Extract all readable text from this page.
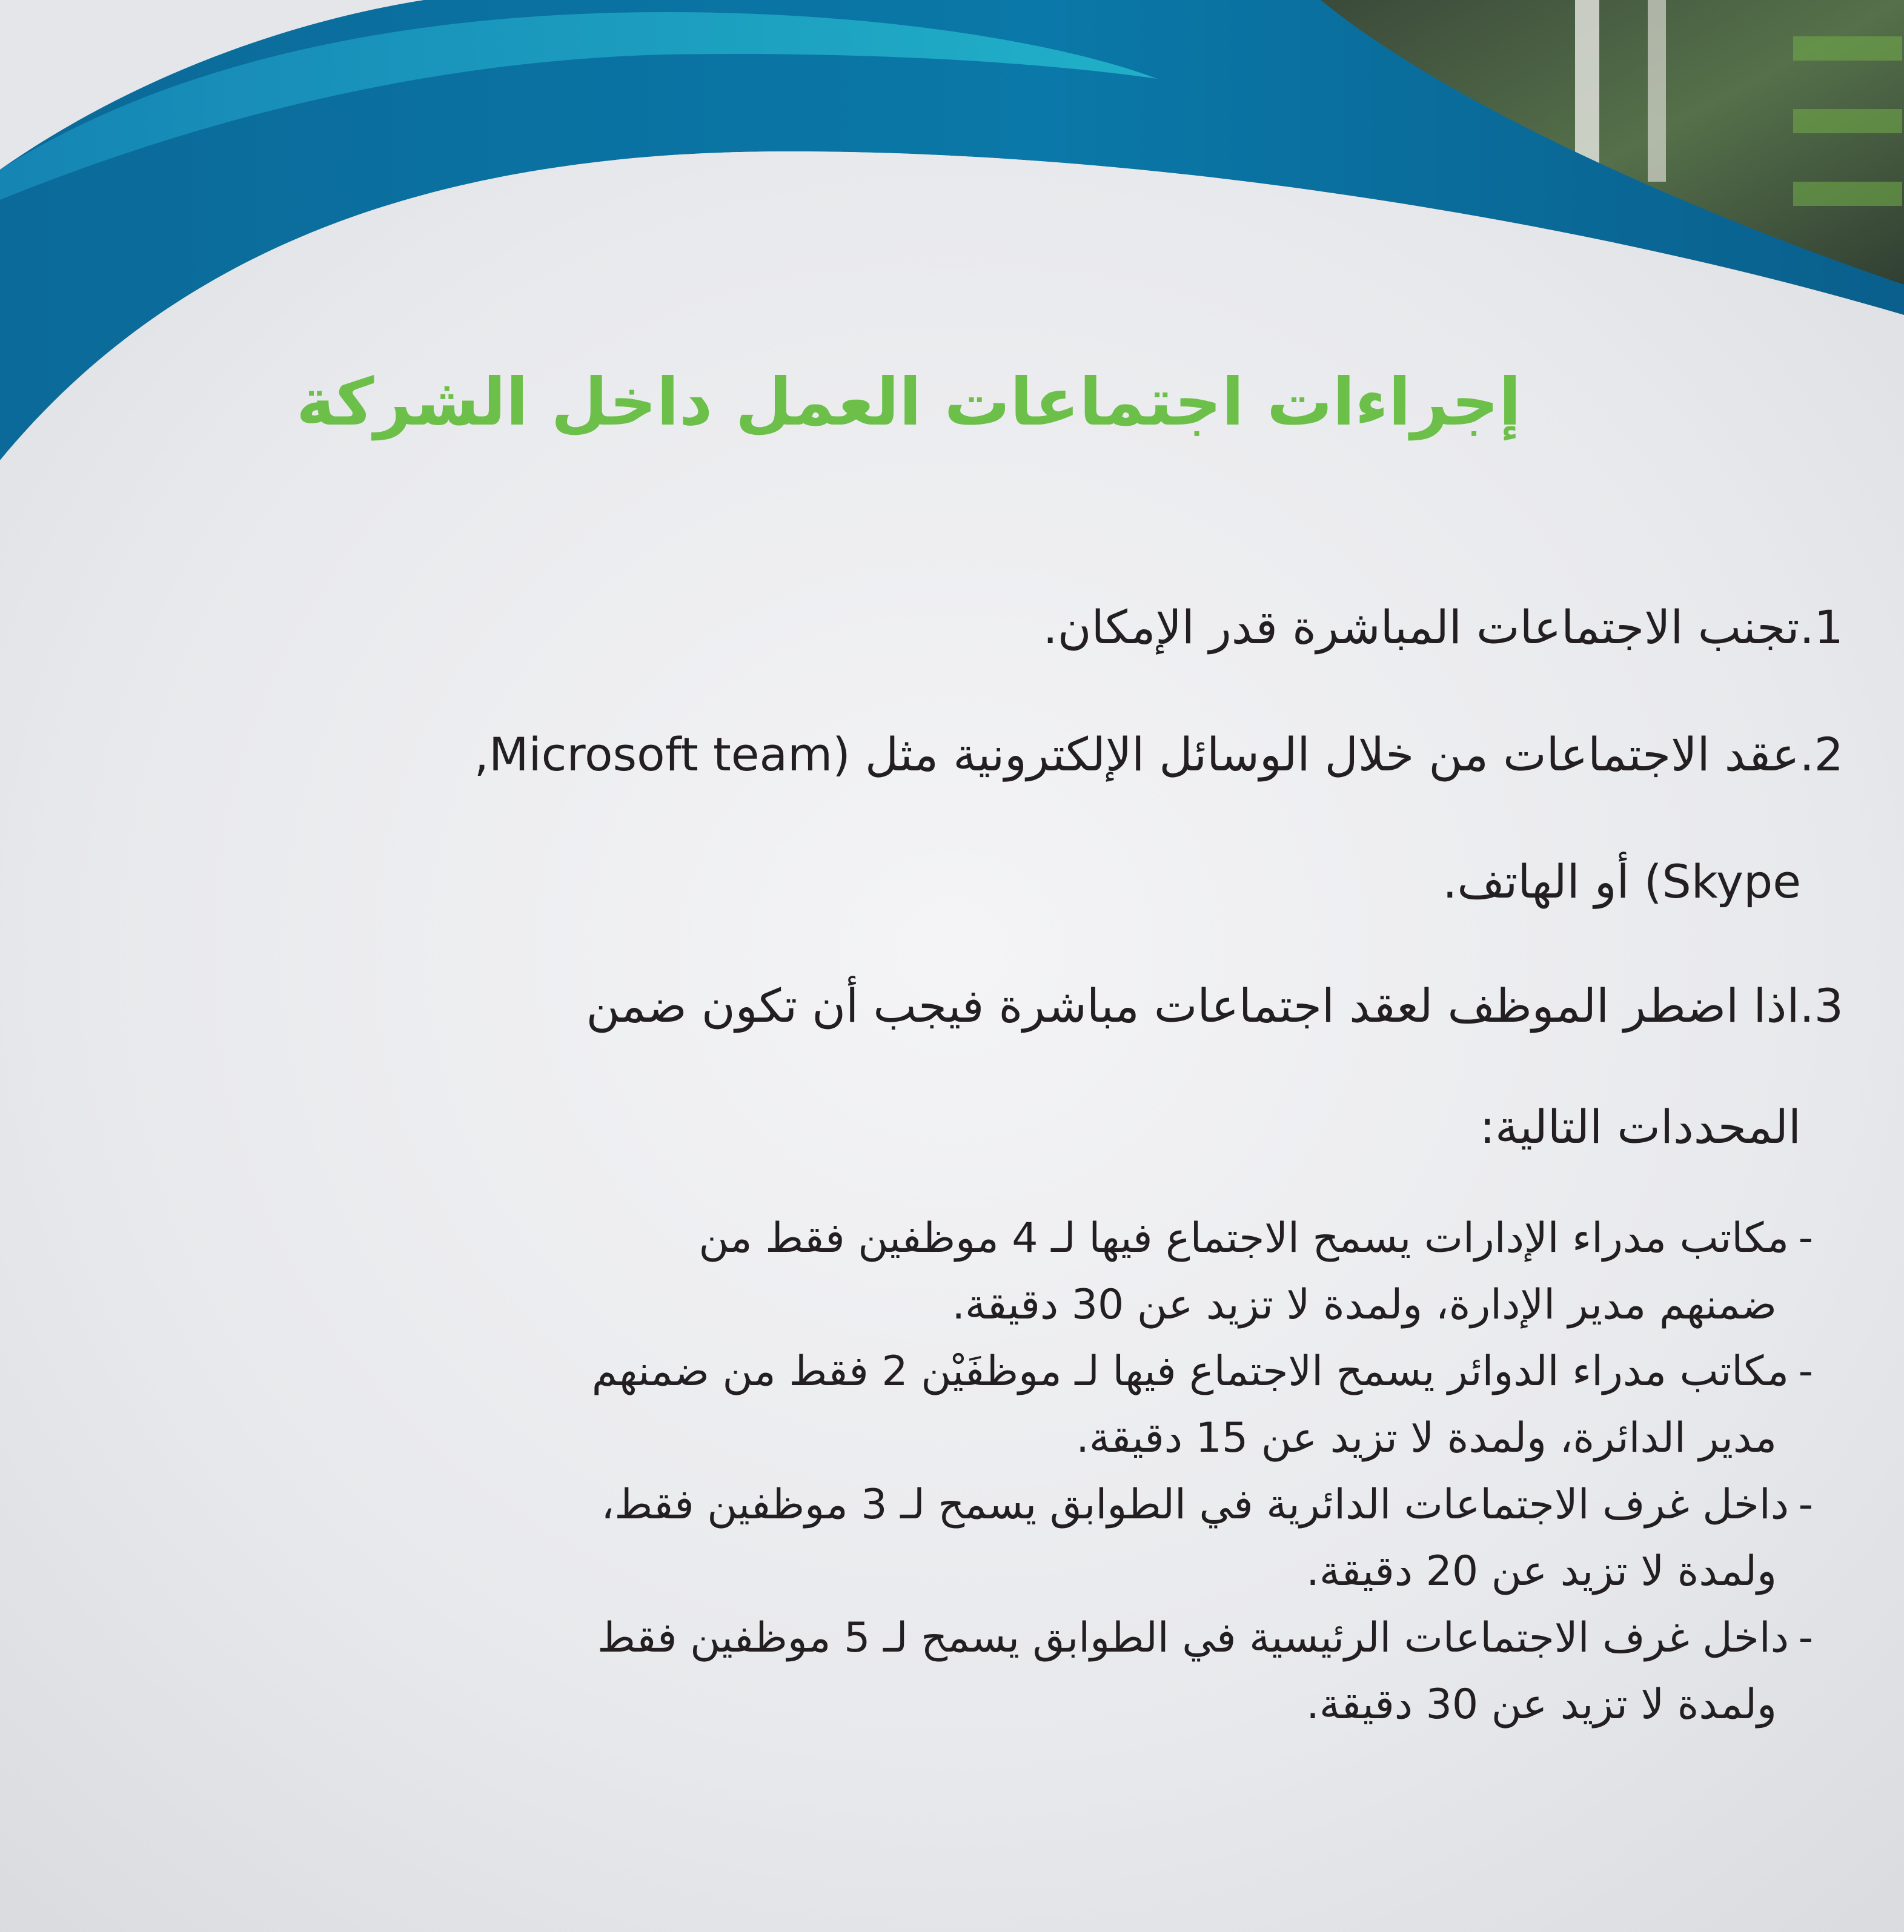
إجراءات اجتماعات العمل داخل الشركة
1.تجنب الاجتماعات المباشرة قدر الإمكان.
2.عقد الاجتماعات من خلال الوسائل الإلكترونية مثل (Microsoft team,
Skype) أو الهاتف.
3.اذا اضطر الموظف لعقد اجتماعات مباشرة فيجب أن تكون ضمن
المحددات التالية:
-
مكاتب مدراء الإدارات يسمح الاجتماع فيها لـ 4 موظفين فقط من
ضمنهم مدير الإدارة، ولمدة لا تزيد عن 30 دقيقة.
-
مكاتب مدراء الدوائر يسمح الاجتماع فيها لـ موظفَيْن 2 فقط من ضمنهم
مدير الدائرة، ولمدة لا تزيد عن 15 دقيقة.
-
داخل غرف الاجتماعات الدائرية في الطوابق يسمح لـ 3 موظفين فقط،
ولمدة لا تزيد عن 20 دقيقة.
-
داخل غرف الاجتماعات الرئيسية في الطوابق يسمح لـ 5 موظفين فقط
ولمدة لا تزيد عن 30 دقيقة.
